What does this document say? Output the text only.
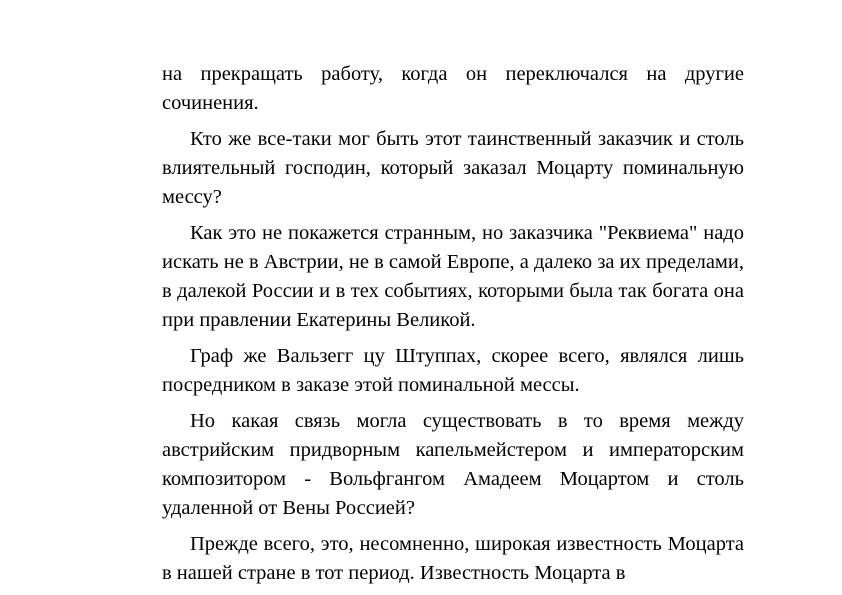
на прекращать работу, когда он переключался на другие сочинения.

Кто же все-таки мог быть этот таинственный заказчик и столь влиятельный господин, который заказал Моцарту поминальную мессу?

Как это не покажется странным, но заказчика "Реквиема" надо искать не в Австрии, не в самой Европе, а далеко за их пределами, в далекой России и в тех событиях, которыми была так богата она при правлении Екатерины Великой.

Граф же Вальзегг цу Штуппах, скорее всего, являлся лишь посредником в заказе этой поминальной мессы.

Но какая связь могла существовать в то время между австрийским придворным капельмейстером и императорским композитором - Вольфгангом Амадеем Моцартом и столь удаленной от Вены Россией?

Прежде всего, это, несомненно, широкая известность Моцарта в нашей стране в тот период. Известность Моцарта в
